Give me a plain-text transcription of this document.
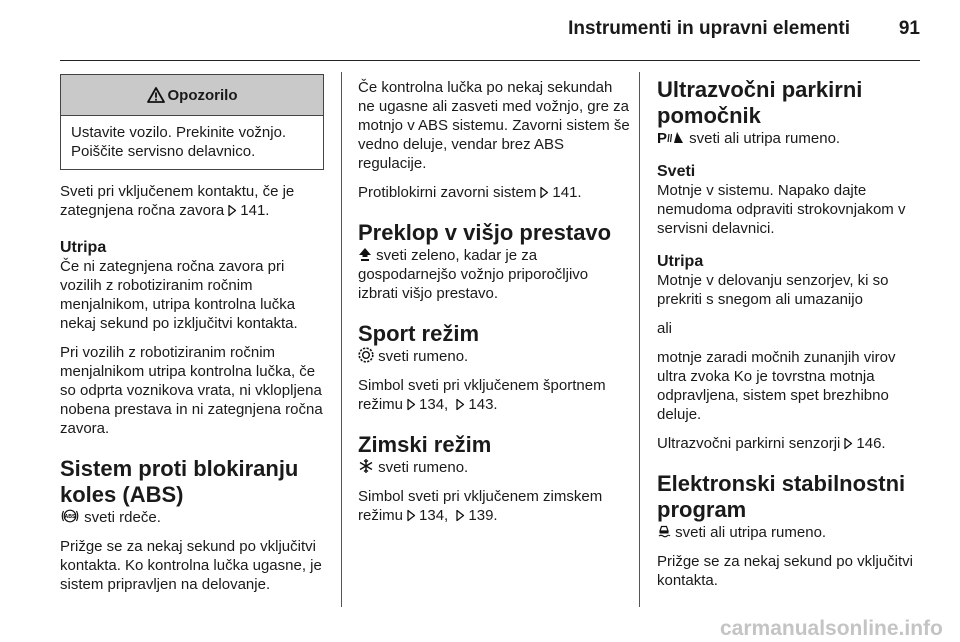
Instrumenti in upravni elementi	91
Opozorilo
Ustavite vozilo. Prekinite vožnjo. Poiščite servisno delavnico.

Sveti pri vključenem kontaktu, če je zategnjena ročna zavora 141.

Utripa

Če ni zategnjena ročna zavora pri vozilih z robotiziranim ročnim menjalnikom, utripa kontrolna lučka nekaj sekund po izključitvi kontakta.

Pri vozilih z robotiziranim ročnim menjalnikom utripa kontrolna lučka, če so odprta voznikova vrata, ni vklopljena nobena prestava in ni zategnjena ročna zavora.

Sistem proti blokiranju koles (ABS)

ABS sveti rdeče.

Prižge se za nekaj sekund po vključitvi kontakta. Ko kontrolna lučka ugasne, je sistem pripravljen na delovanje.

Če kontrolna lučka po nekaj sekundah ne ugasne ali zasveti med vožnjo, gre za motnjo v ABS sistemu. Zavorni sistem še vedno deluje, vendar brez ABS regulacije.

Protiblokirni zavorni sistem 141.

Preklop v višjo prestavo

sveti zeleno, kadar je za gospodarnejšo vožnjo priporočljivo izbrati višjo prestavo.

Sport režim

sveti rumeno.

Simbol sveti pri vključenem športnem režimu 134, 143.

Zimski režim

sveti rumeno.

Simbol sveti pri vključenem zimskem režimu 134, 139.

Ultrazvočni parkirni pomočnik

P sveti ali utripa rumeno.

Sveti

Motnje v sistemu. Napako dajte nemudoma odpraviti strokovnjakom v servisni delavnici.

Utripa

Motnje v delovanju senzorjev, ki so prekriti s snegom ali umazanijo

ali

motnje zaradi močnih zunanjih virov ultra zvoka Ko je tovrstna motnja odpravljena, sistem spet brezhibno deluje.

Ultrazvočni parkirni senzorji 146.

Elektronski stabilnostni program

sveti ali utripa rumeno.

Prižge se za nekaj sekund po vključitvi kontakta.

carmanualsonline.info
